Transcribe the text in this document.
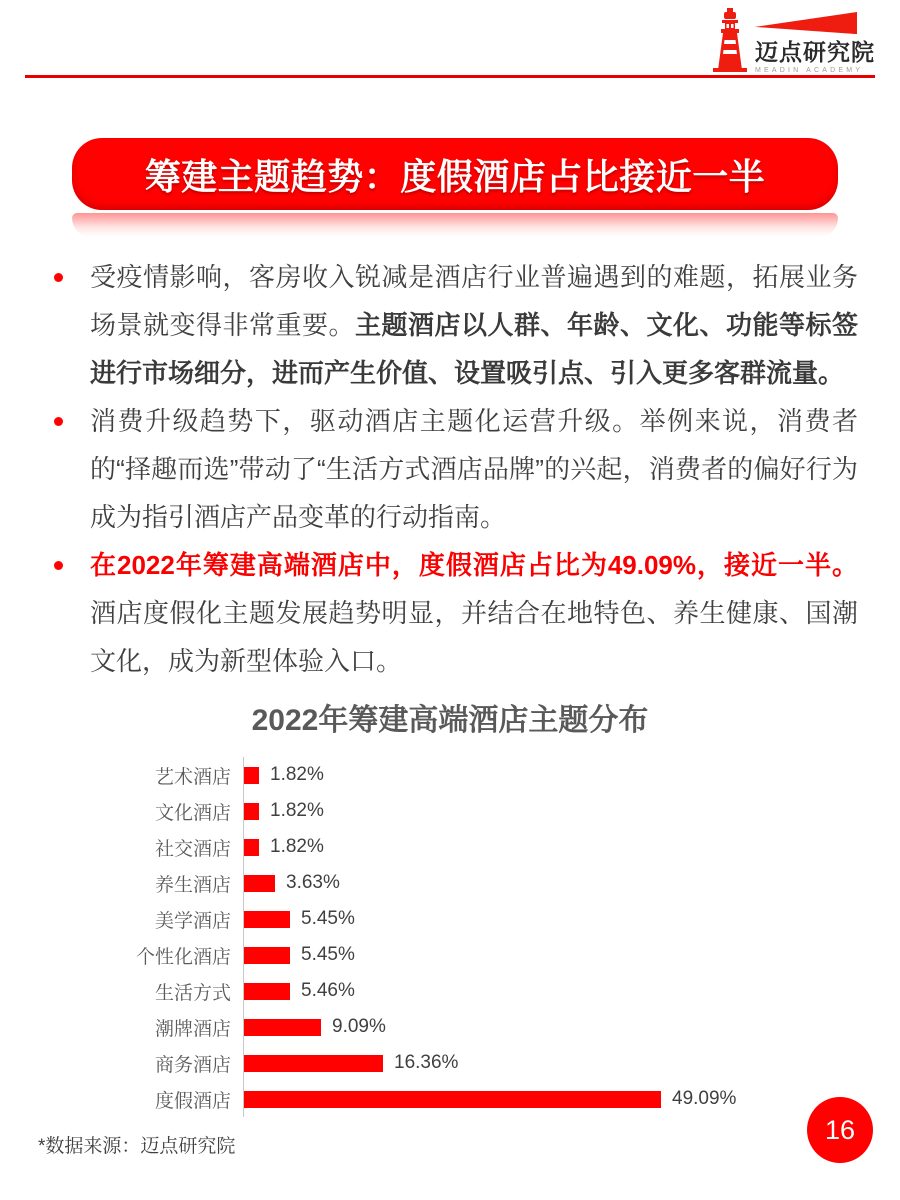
迈点研究院
MEADIN ACADEMY
筹建主题趋势：度假酒店占比接近一半
受疫情影响，客房收入锐减是酒店行业普遍遇到的难题，拓展业务场景就变得非常重要。主题酒店以人群、年龄、文化、功能等标签进行市场细分，进而产生价值、设置吸引点、引入更多客群流量。
消费升级趋势下，驱动酒店主题化运营升级。举例来说，消费者的“择趣而选”带动了“生活方式酒店品牌”的兴起，消费者的偏好行为成为指引酒店产品变革的行动指南。
在2022年筹建高端酒店中，度假酒店占比为49.09%，接近一半。酒店度假化主题发展趋势明显，并结合在地特色、养生健康、国潮文化，成为新型体验入口。
2022年筹建高端酒店主题分布
艺术酒店	1.82%
文化酒店	1.82%
社交酒店	1.82%
养生酒店	3.63%
美学酒店	5.45%
个性化酒店	5.45%
生活方式	5.46%
潮牌酒店	9.09%
商务酒店	16.36%
度假酒店	49.09%
*数据来源：迈点研究院
16
